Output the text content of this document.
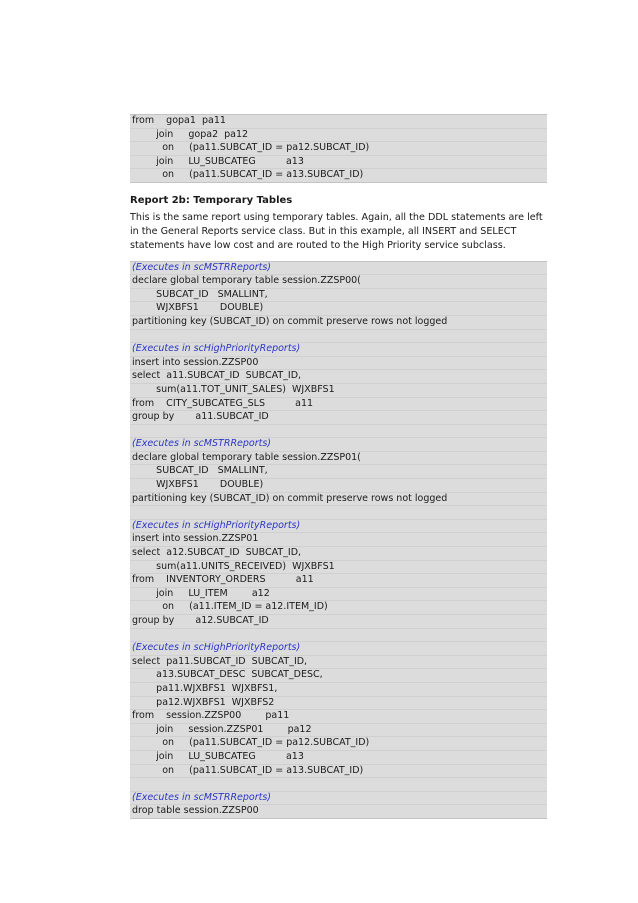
from    gopa1  pa11
join     gopa2  pa12
on     (pa11.SUBCAT_ID = pa12.SUBCAT_ID)
join     LU_SUBCATEG          a13
on     (pa11.SUBCAT_ID = a13.SUBCAT_ID)
Report 2b: Temporary Tables
This is the same report using temporary tables. Again, all the DDL statements are left in the General Reports service class. But in this example, all INSERT and SELECT statements have low cost and are routed to the High Priority service subclass.
(Executes in scMSTRReports)
declare global temporary table session.ZZSP00(
SUBCAT_ID   SMALLINT,
WJXBFS1       DOUBLE)
partitioning key (SUBCAT_ID) on commit preserve rows not logged
(Executes in scHighPriorityReports)
insert into session.ZZSP00
select  a11.SUBCAT_ID  SUBCAT_ID,
sum(a11.TOT_UNIT_SALES)  WJXBFS1
from    CITY_SUBCATEG_SLS          a11
group by       a11.SUBCAT_ID
(Executes in scMSTRReports)
declare global temporary table session.ZZSP01(
SUBCAT_ID   SMALLINT,
WJXBFS1       DOUBLE)
partitioning key (SUBCAT_ID) on commit preserve rows not logged
(Executes in scHighPriorityReports)
insert into session.ZZSP01
select  a12.SUBCAT_ID  SUBCAT_ID,
sum(a11.UNITS_RECEIVED)  WJXBFS1
from    INVENTORY_ORDERS          a11
join     LU_ITEM        a12
on     (a11.ITEM_ID = a12.ITEM_ID)
group by       a12.SUBCAT_ID
(Executes in scHighPriorityReports)
select  pa11.SUBCAT_ID  SUBCAT_ID,
a13.SUBCAT_DESC  SUBCAT_DESC,
pa11.WJXBFS1  WJXBFS1,
pa12.WJXBFS1  WJXBFS2
from    session.ZZSP00        pa11
join     session.ZZSP01        pa12
on     (pa11.SUBCAT_ID = pa12.SUBCAT_ID)
join     LU_SUBCATEG          a13
on     (pa11.SUBCAT_ID = a13.SUBCAT_ID)
(Executes in scMSTRReports)
drop table session.ZZSP00
